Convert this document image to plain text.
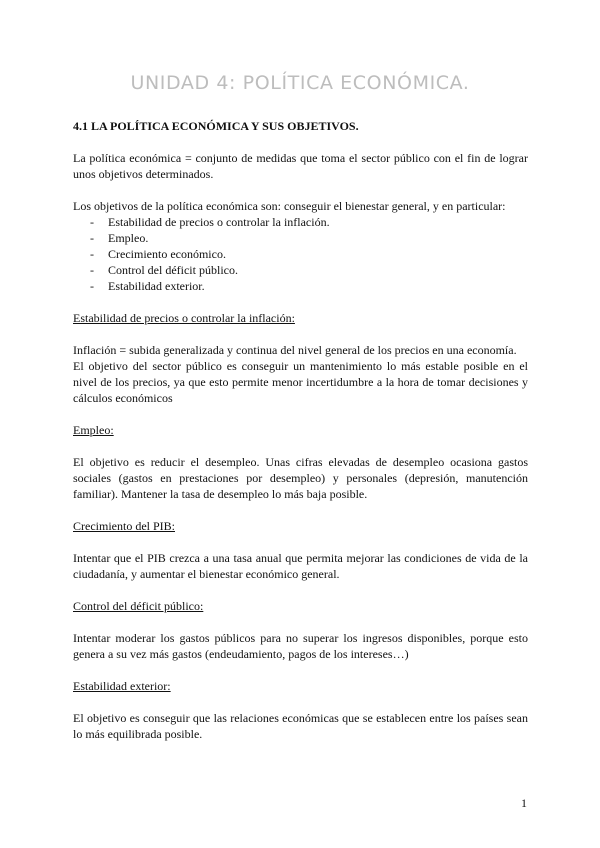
UNIDAD 4: POLÍTICA ECONÓMICA.
4.1 LA POLÍTICA ECONÓMICA Y SUS OBJETIVOS.

La política económica = conjunto de medidas que toma el sector público con el fin de lograr unos objetivos determinados.

Los objetivos de la política económica son: conseguir el bienestar general, y en particular:

- Estabilidad de precios o controlar la inflación.
- Empleo.
- Crecimiento económico.
- Control del déficit público.
- Estabilidad exterior.
Estabilidad de precios o controlar la inflación:

Inflación = subida generalizada y continua del nivel general de los precios en una economía.

El objetivo del sector público es conseguir un mantenimiento lo más estable posible en el nivel de los precios, ya que esto permite menor incertidumbre a la hora de tomar decisiones y cálculos económicos

Empleo:

El objetivo es reducir el desempleo. Unas cifras elevadas de desempleo ocasiona gastos sociales (gastos en prestaciones por desempleo) y personales (depresión, manutención familiar). Mantener la tasa de desempleo lo más baja posible.

Crecimiento del PIB:

Intentar que el PIB crezca a una tasa anual que permita mejorar las condiciones de vida de la ciudadanía, y aumentar el bienestar económico general.

Control del déficit público:

Intentar moderar los gastos públicos para no superar los ingresos disponibles, porque esto genera a su vez más gastos (endeudamiento, pagos de los intereses…)

Estabilidad exterior:

El objetivo es conseguir que las relaciones económicas que se establecen entre los países sean lo más equilibrada posible.

1
